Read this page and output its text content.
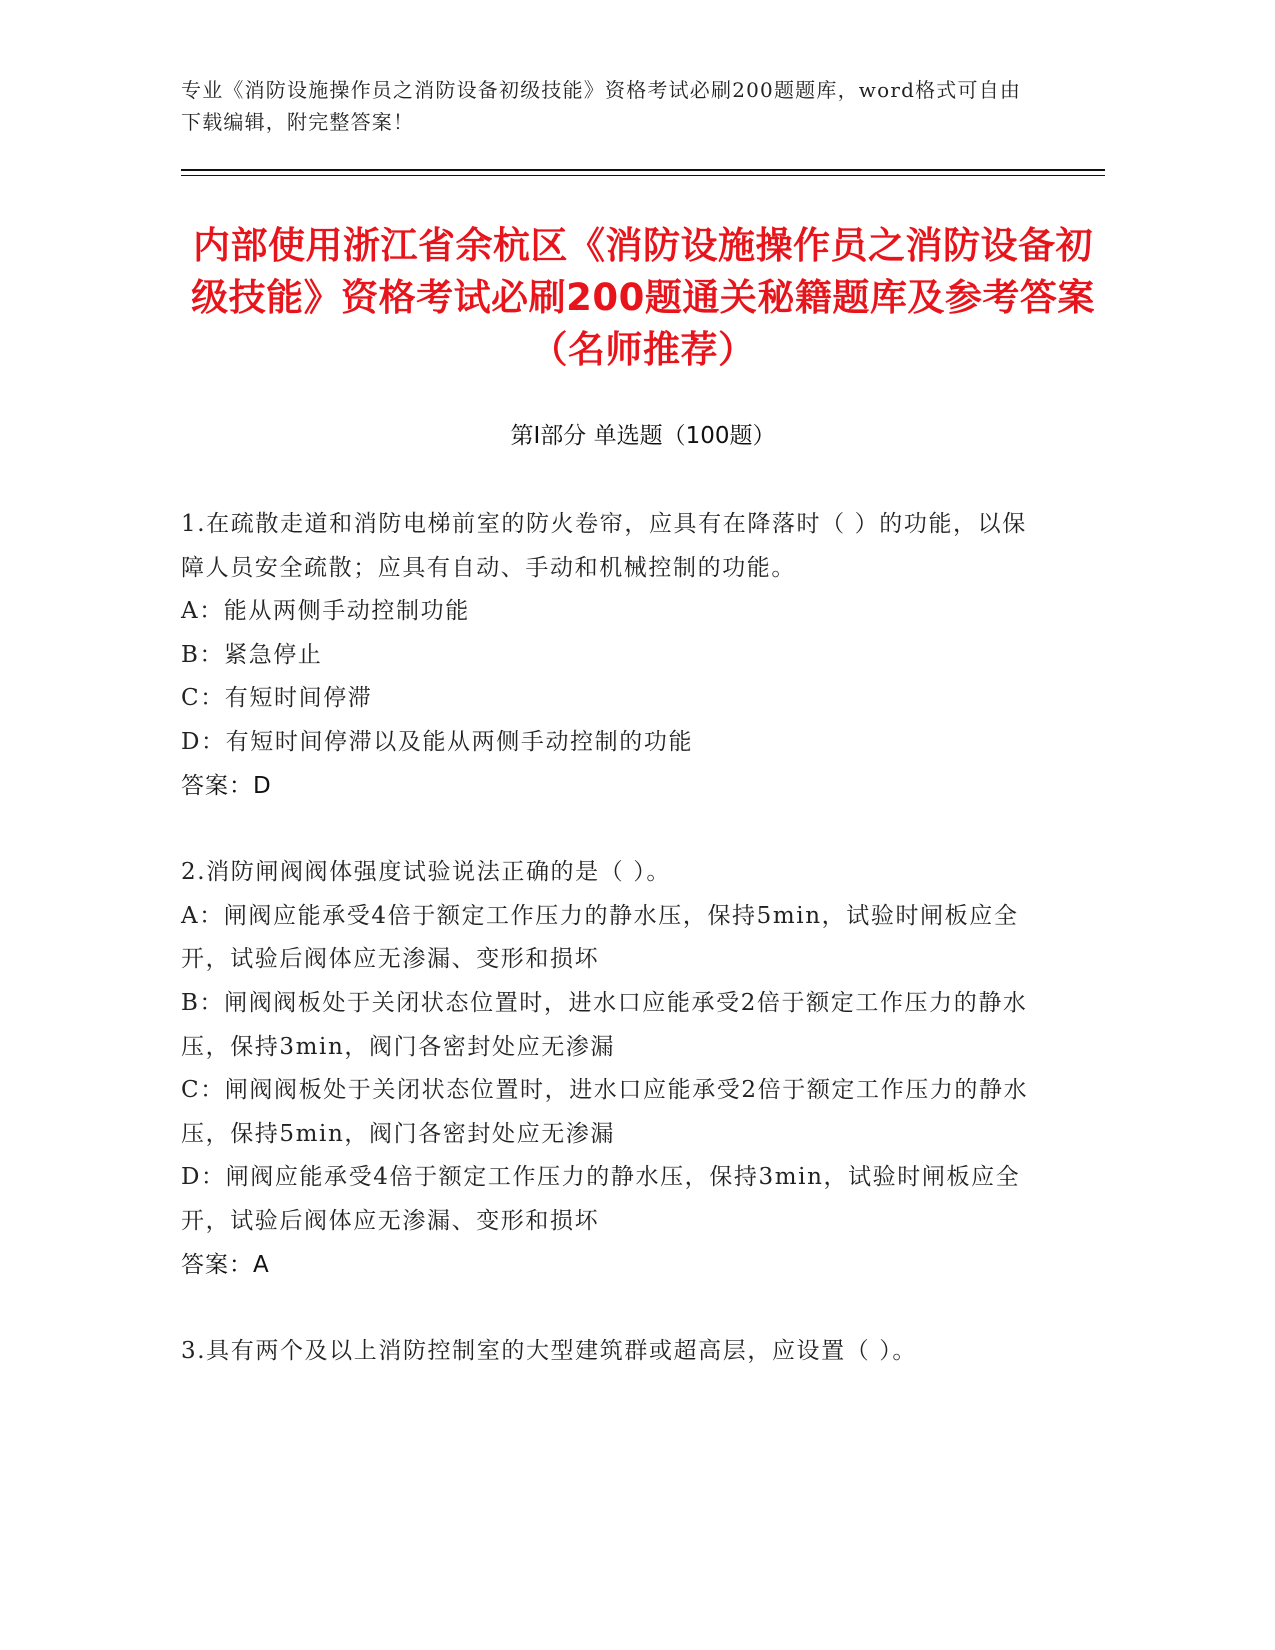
专业《消防设施操作员之消防设备初级技能》资格考试必刷200题题库，word格式可自由下载编辑，附完整答案！
内部使用浙江省余杭区《消防设施操作员之消防设备初级技能》资格考试必刷200题通关秘籍题库及参考答案（名师推荐）
第Ⅰ部分 单选题（100题）
1.在疏散走道和消防电梯前室的防火卷帘，应具有在降落时（ ）的功能，以保障人员安全疏散；应具有自动、手动和机械控制的功能。
A：能从两侧手动控制功能
B：紧急停止
C：有短时间停滞
D：有短时间停滞以及能从两侧手动控制的功能
答案：D
2.消防闸阀阀体强度试验说法正确的是（ ）。
A：闸阀应能承受4倍于额定工作压力的静水压，保持5min，试验时闸板应全开，试验后阀体应无渗漏、变形和损坏
B：闸阀阀板处于关闭状态位置时，进水口应能承受2倍于额定工作压力的静水压，保持3min，阀门各密封处应无渗漏
C：闸阀阀板处于关闭状态位置时，进水口应能承受2倍于额定工作压力的静水压，保持5min，阀门各密封处应无渗漏
D：闸阀应能承受4倍于额定工作压力的静水压，保持3min，试验时闸板应全开，试验后阀体应无渗漏、变形和损坏
答案：A
3.具有两个及以上消防控制室的大型建筑群或超高层，应设置（ ）。
